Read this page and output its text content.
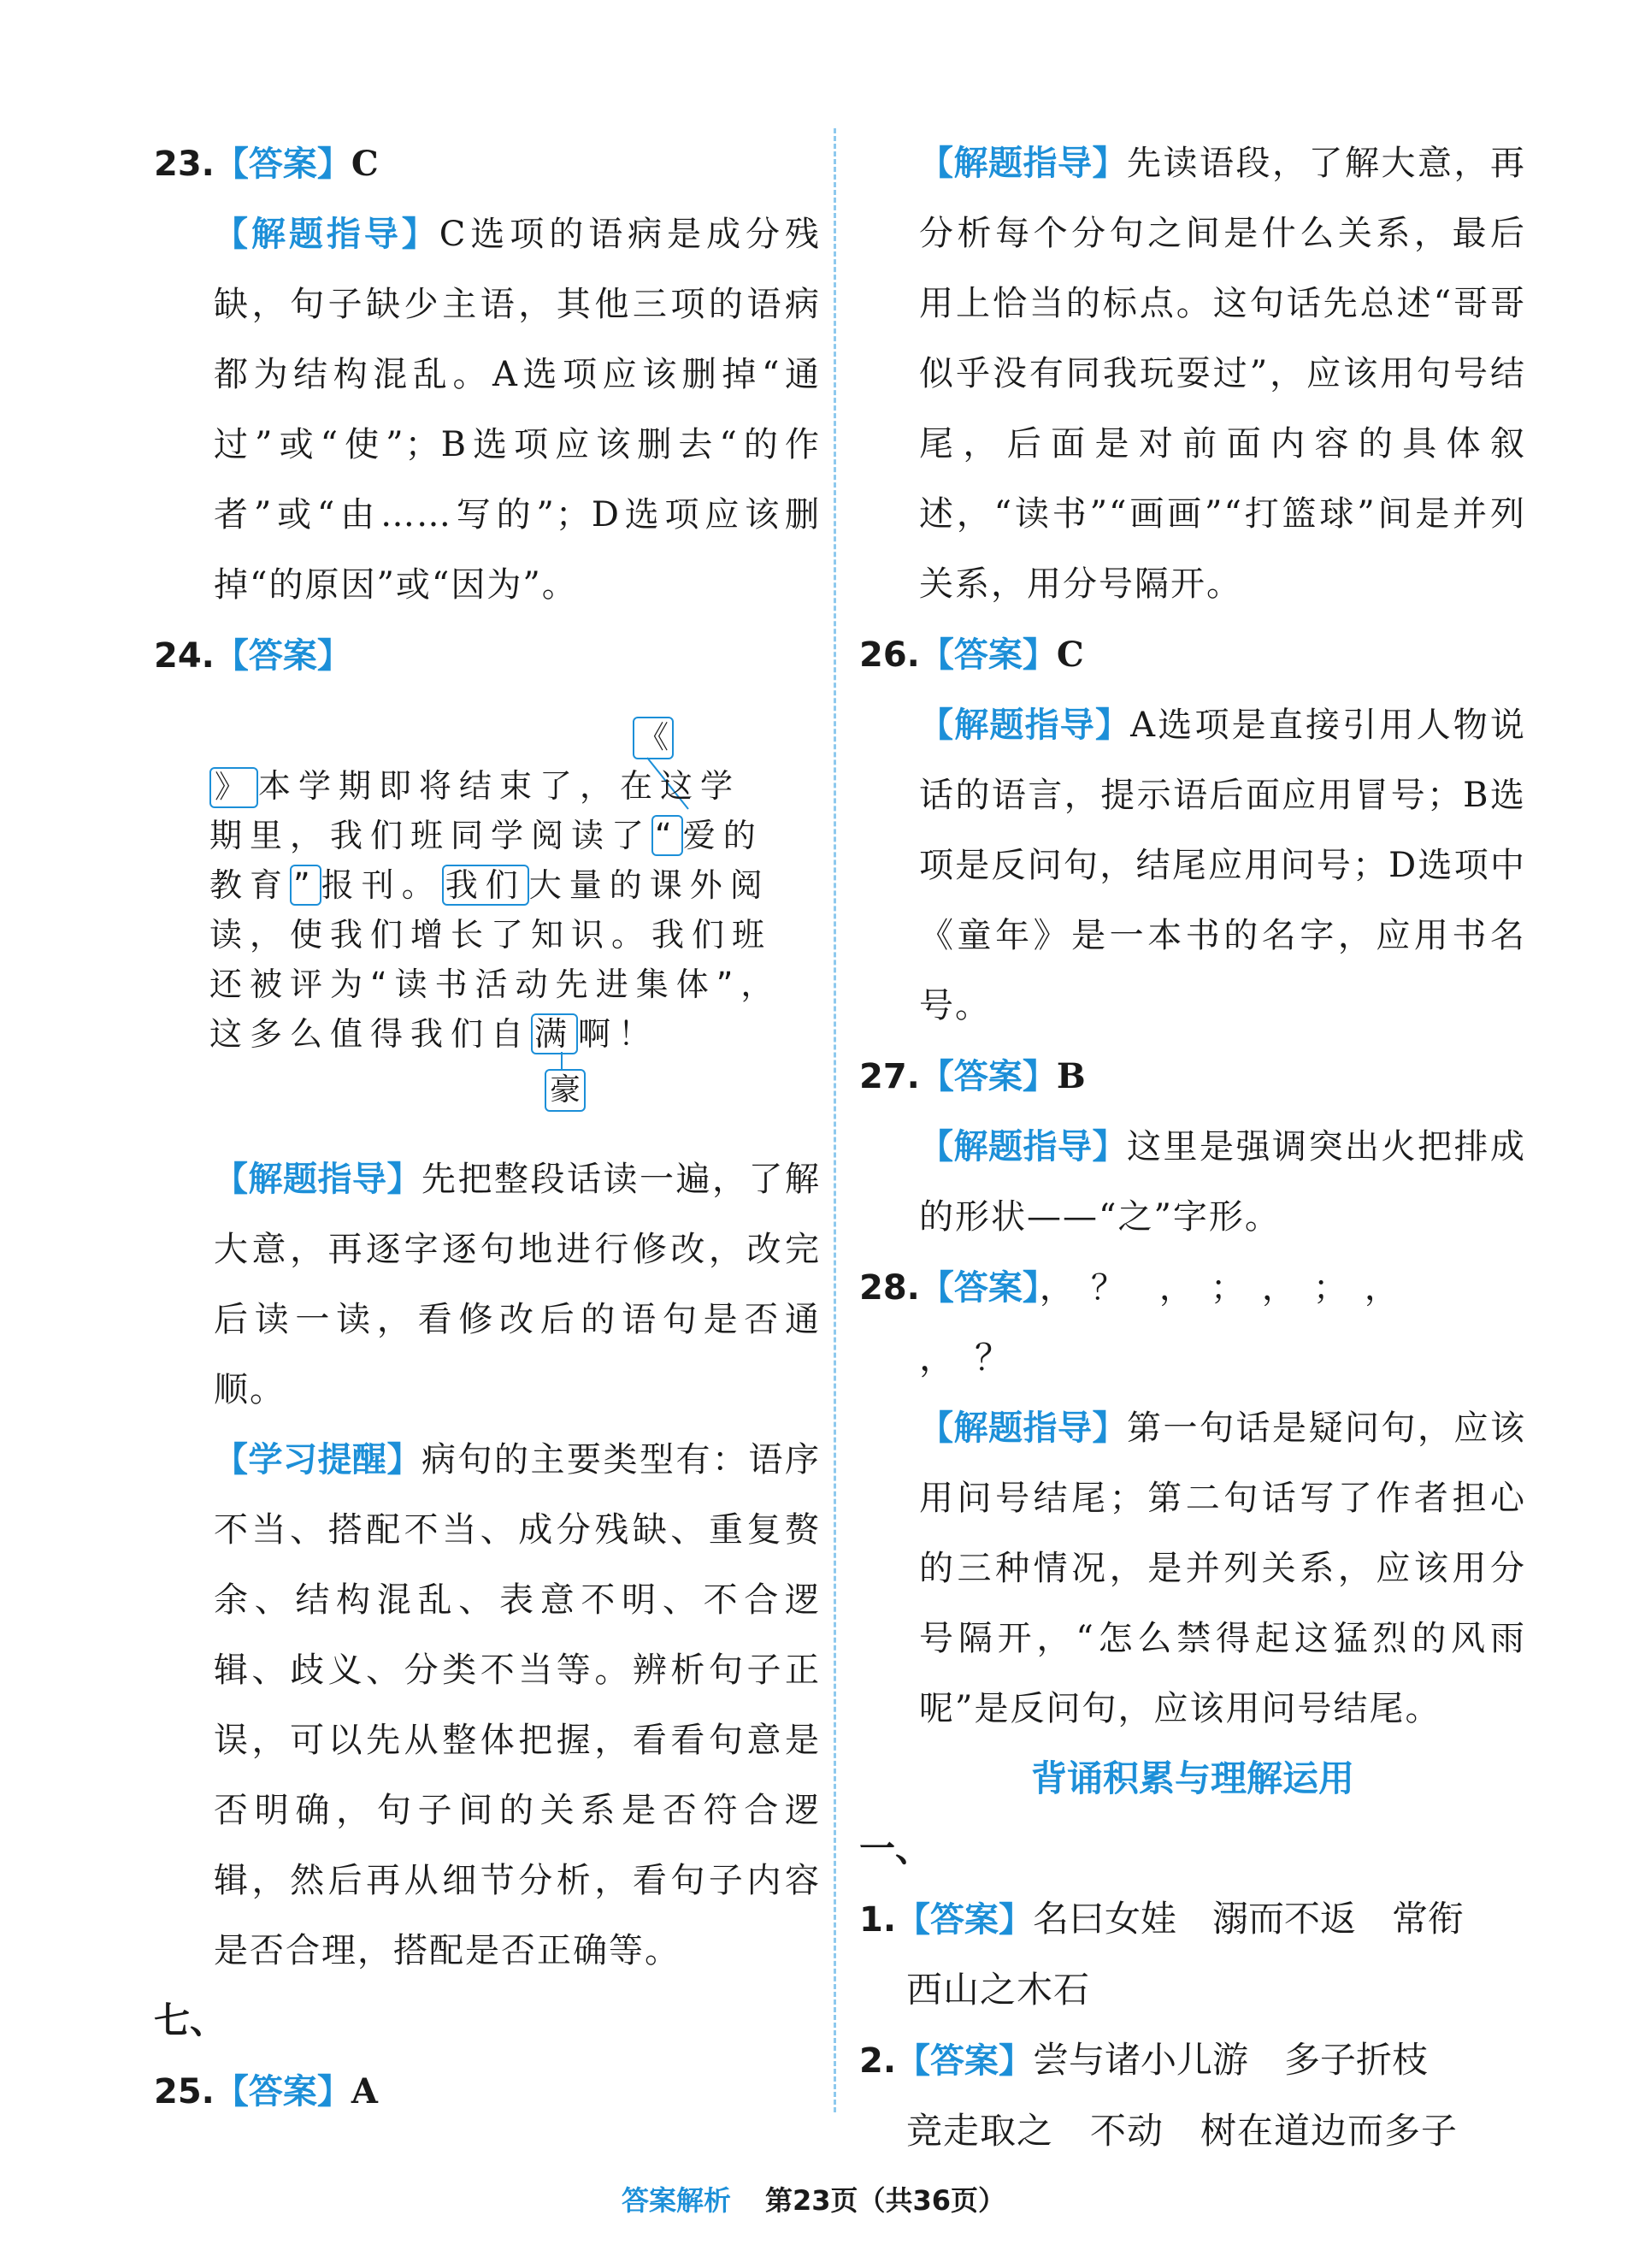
23.【答案】C

【解题指导】C选项的语病是成分残缺，句子缺少主语，其他三项的语病都为结构混乱。A选项应该删掉“通过”或“使”；B选项应该删去“的作者”或“由……写的”；D选项应该删掉“的原因”或“因为”。

24.【答案】

《
》 本学期即将结束了，在这学
期里，我们班同学阅读了 “ 爱的
教育 ” 报刊。 我们 大量的课外阅
读，使我们增长了知识。我们班
还被评为“读书活动先进集体”，
这多么值得我们自 满 啊！
豪

【解题指导】先把整段话读一遍，了解大意，再逐字逐句地进行修改，改完后读一读，看修改后的语句是否通顺。

【学习提醒】病句的主要类型有：语序不当、搭配不当、成分残缺、重复赘余、结构混乱、表意不明、不合逻辑、歧义、分类不当等。辨析句子正误，可以先从整体把握，看看句意是否明确，句子间的关系是否符合逻辑，然后再从细节分析，看句子内容是否合理，搭配是否正确等。

七、

25.【答案】A

【解题指导】先读语段，了解大意，再分析每个分句之间是什么关系，最后用上恰当的标点。这句话先总述“哥哥似乎没有同我玩耍过”，应该用句号结尾，后面是对前面内容的具体叙述，“读书”“画画”“打篮球”间是并列关系，用分号隔开。

26.【答案】C

【解题指导】A选项是直接引用人物说话的语言，提示语后面应用冒号；B选项是反问句，结尾应用问号；D选项中《童年》是一本书的名字，应用书名号。

27.【答案】B

【解题指导】这里是强调突出火把排成的形状——“之”字形。

28.【答案】，　？　，　；　，　；　，

，　？

【解题指导】第一句话是疑问句，应该用问号结尾；第二句话写了作者担心的三种情况，是并列关系，应该用分号隔开，“怎么禁得起这猛烈的风雨呢”是反问句，应该用问号结尾。

背诵积累与理解运用

一、

1.【答案】名曰女娃　溺而不返　常衔

西山之木石

2.【答案】尝与诸小儿游　多子折枝

竞走取之　不动　树在道边而多子

答案解析 第23页（共36页）
